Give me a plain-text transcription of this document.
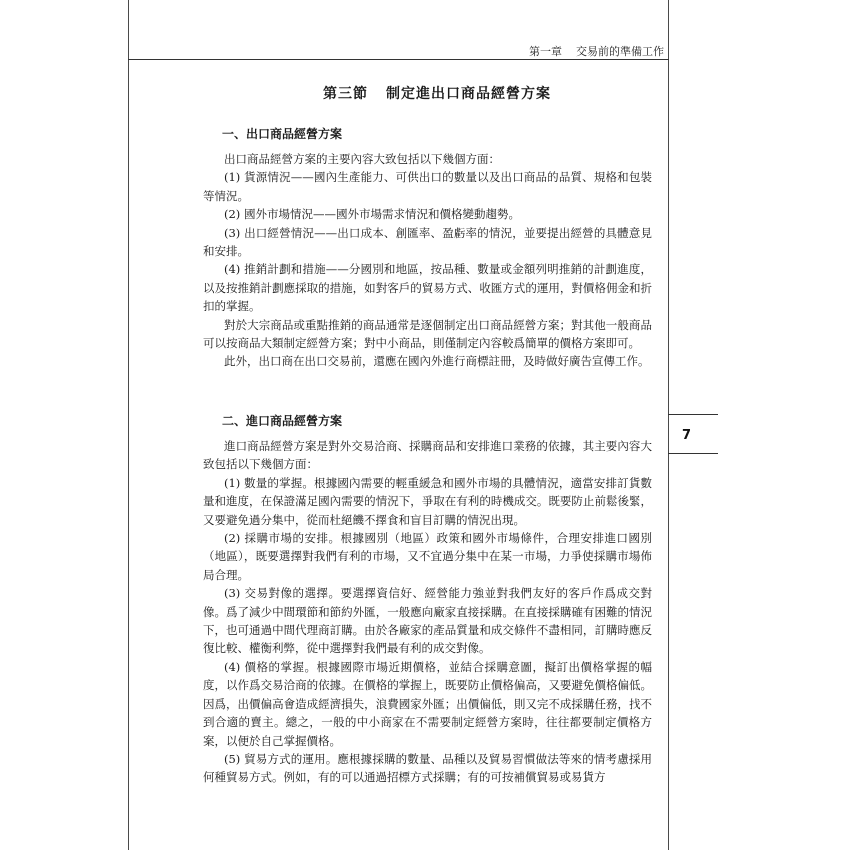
第一章 交易前的準備工作
7
第三節 制定進出口商品經營方案
一、出口商品經營方案

出口商品經營方案的主要內容大致包括以下幾個方面：

(1) 貨源情況——國內生產能力、可供出口的數量以及出口商品的品質、規格和包裝等情況。

(2) 國外市場情況——國外市場需求情況和價格變動趨勢。

(3) 出口經營情況——出口成本、創匯率、盈虧率的情況，並要提出經營的具體意見和安排。

(4) 推銷計劃和措施——分國別和地區，按品種、數量或金額列明推銷的計劃進度，以及按推銷計劃應採取的措施，如對客戶的貿易方式、收匯方式的運用，對價格佣金和折扣的掌握。

對於大宗商品或重點推銷的商品通常是逐個制定出口商品經營方案；對其他一般商品可以按商品大類制定經營方案；對中小商品，則僅制定內容較爲簡單的價格方案即可。

此外，出口商在出口交易前，還應在國內外進行商標註冊，及時做好廣告宣傳工作。

二、進口商品經營方案

進口商品經營方案是對外交易洽商、採購商品和安排進口業務的依據，其主要內容大致包括以下幾個方面：

(1) 數量的掌握。根據國內需要的輕重緩急和國外市場的具體情況，適當安排訂貨數量和進度，在保證滿足國內需要的情況下，爭取在有利的時機成交。既要防止前鬆後緊，又要避免過分集中，從而杜絕饑不擇食和盲目訂購的情況出現。

(2) 採購市場的安排。根據國別（地區）政策和國外市場條件，合理安排進口國別（地區），既要選擇對我們有利的市場，又不宜過分集中在某一市場，力爭使採購市場佈局合理。

(3) 交易對像的選擇。要選擇資信好、經營能力強並對我們友好的客戶作爲成交對像。爲了減少中間環節和節約外匯，一般應向廠家直接採購。在直接採購確有困難的情況下，也可通過中間代理商訂購。由於各廠家的產品質量和成交條件不盡相同，訂購時應反復比較、權衡利弊，從中選擇對我們最有利的成交對像。

(4) 價格的掌握。根據國際市場近期價格，並結合採購意圖，擬訂出價格掌握的幅度，以作爲交易洽商的依據。在價格的掌握上，既要防止價格偏高，又要避免價格偏低。因爲，出價偏高會造成經濟損失，浪費國家外匯；出價偏低，則又完不成採購任務，找不到合適的賣主。總之，一般的中小商家在不需要制定經營方案時，往往都要制定價格方案，以便於自己掌握價格。

(5) 貿易方式的運用。應根據採購的數量、品種以及貿易習慣做法等來的情考慮採用何種貿易方式。例如，有的可以通過招標方式採購；有的可按補償貿易或易貨方
